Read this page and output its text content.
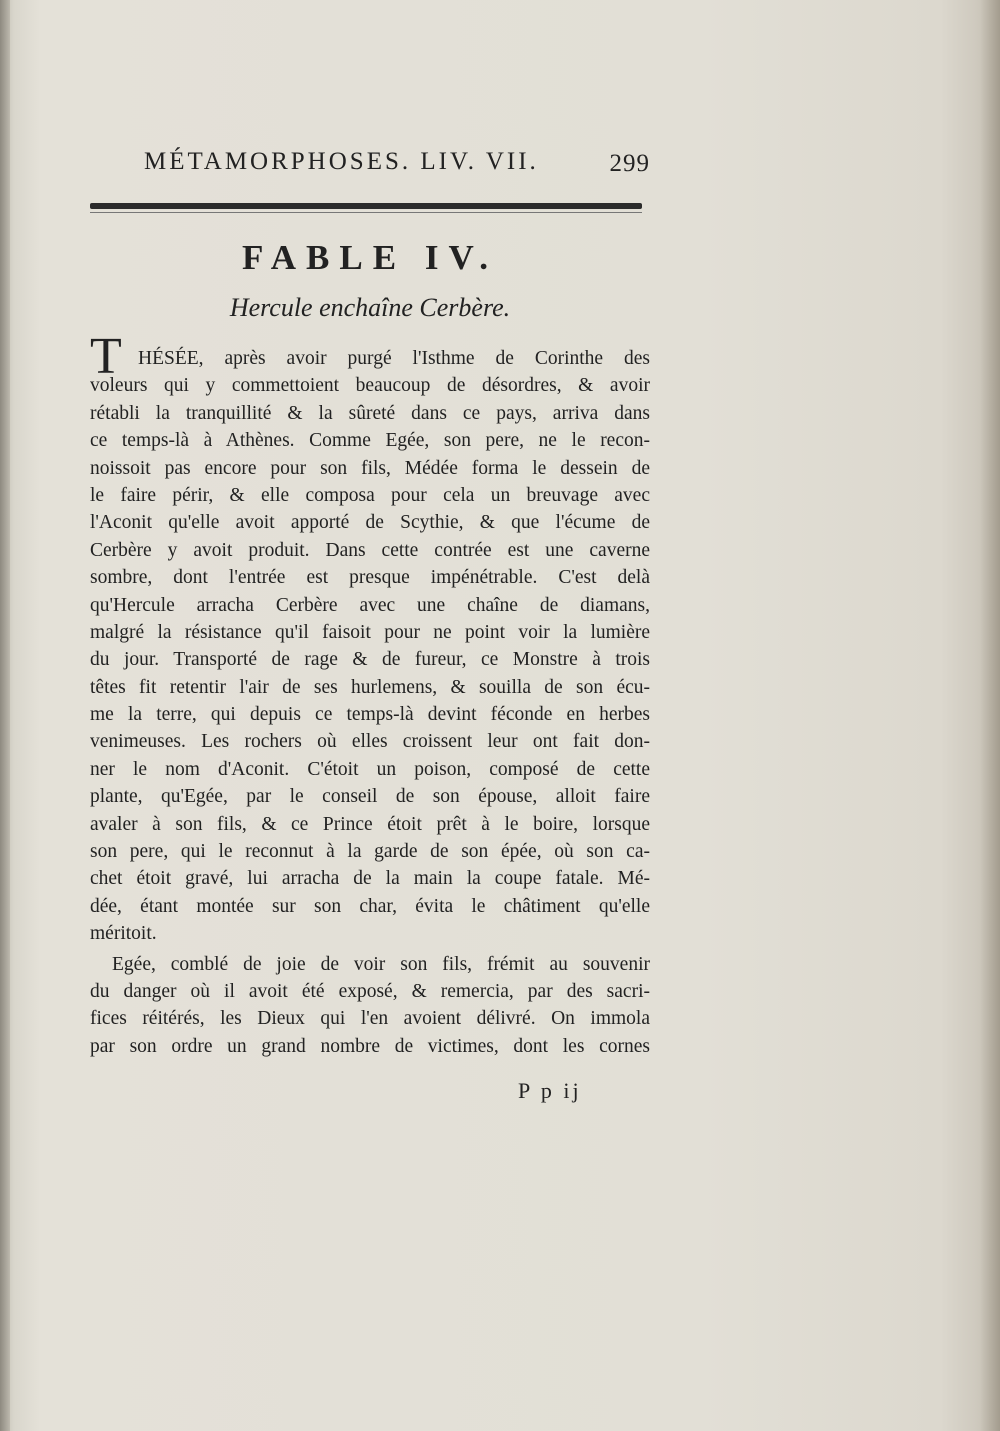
MÉTAMORPHOSES. LIV. VII.	299
FABLE IV.
Hercule enchaîne Cerbère.
T HÉSÉE, après avoir purgé l'Isthme de Corinthe des
voleurs qui y commettoient beaucoup de désordres, & avoir
rétabli la tranquillité & la sûreté dans ce pays, arriva dans
ce temps-là à Athènes. Comme Egée, son pere, ne le recon-
noissoit pas encore pour son fils, Médée forma le dessein de
le faire périr, & elle composa pour cela un breuvage avec
l'Aconit qu'elle avoit apporté de Scythie, & que l'écume de
Cerbère y avoit produit. Dans cette contrée est une caverne
sombre, dont l'entrée est presque impénétrable. C'est delà
qu'Hercule arracha Cerbère avec une chaîne de diamans,
malgré la résistance qu'il faisoit pour ne point voir la lumière
du jour. Transporté de rage & de fureur, ce Monstre à trois
têtes fit retentir l'air de ses hurlemens, & souilla de son écu-
me la terre, qui depuis ce temps-là devint féconde en herbes
venimeuses. Les rochers où elles croissent leur ont fait don-
ner le nom d'Aconit. C'étoit un poison, composé de cette
plante, qu'Egée, par le conseil de son épouse, alloit faire
avaler à son fils, & ce Prince étoit prêt à le boire, lorsque
son pere, qui le reconnut à la garde de son épée, où son ca-
chet étoit gravé, lui arracha de la main la coupe fatale. Mé-
dée, étant montée sur son char, évita le châtiment qu'elle
méritoit.
Egée, comblé de joie de voir son fils, frémit au souvenir
du danger où il avoit été exposé, & remercia, par des sacri-
fices réitérés, les Dieux qui l'en avoient délivré. On immola
par son ordre un grand nombre de victimes, dont les cornes
P p ij
